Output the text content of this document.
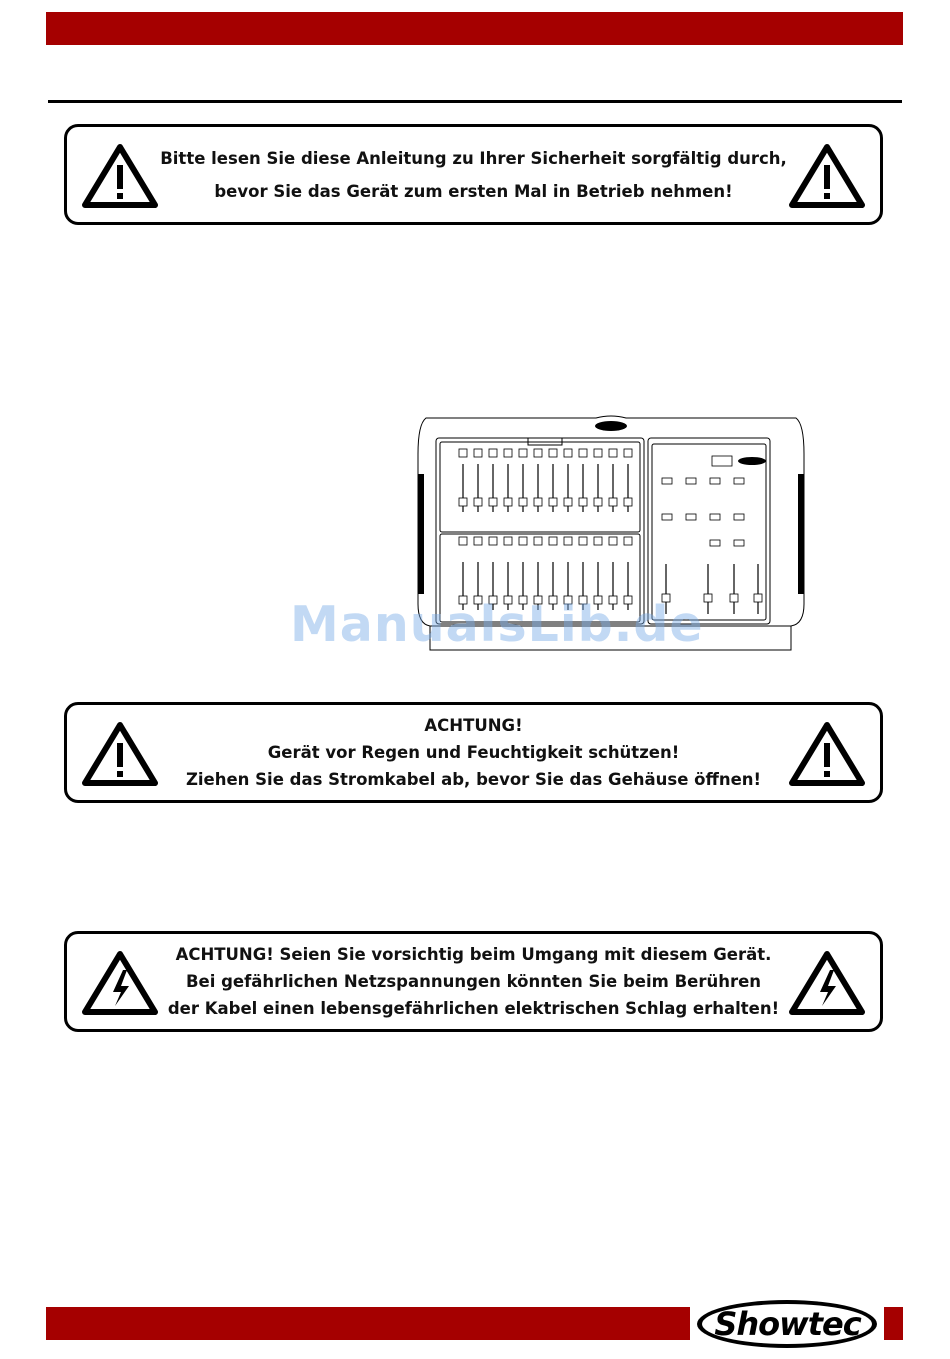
Bitte lesen Sie diese Anleitung zu Ihrer Sicherheit sorgfältig durch,
bevor Sie das Gerät zum ersten Mal in Betrieb nehmen!
ManualsLib.de
ACHTUNG!
Gerät vor Regen und Feuchtigkeit schützen!
Ziehen Sie das Stromkabel ab, bevor Sie das Gehäuse öffnen!
ACHTUNG! Seien Sie vorsichtig beim Umgang mit diesem Gerät.
Bei gefährlichen Netzspannungen könnten Sie beim Berühren
der Kabel einen lebensgefährlichen elektrischen Schlag erhalten!
Showtec
